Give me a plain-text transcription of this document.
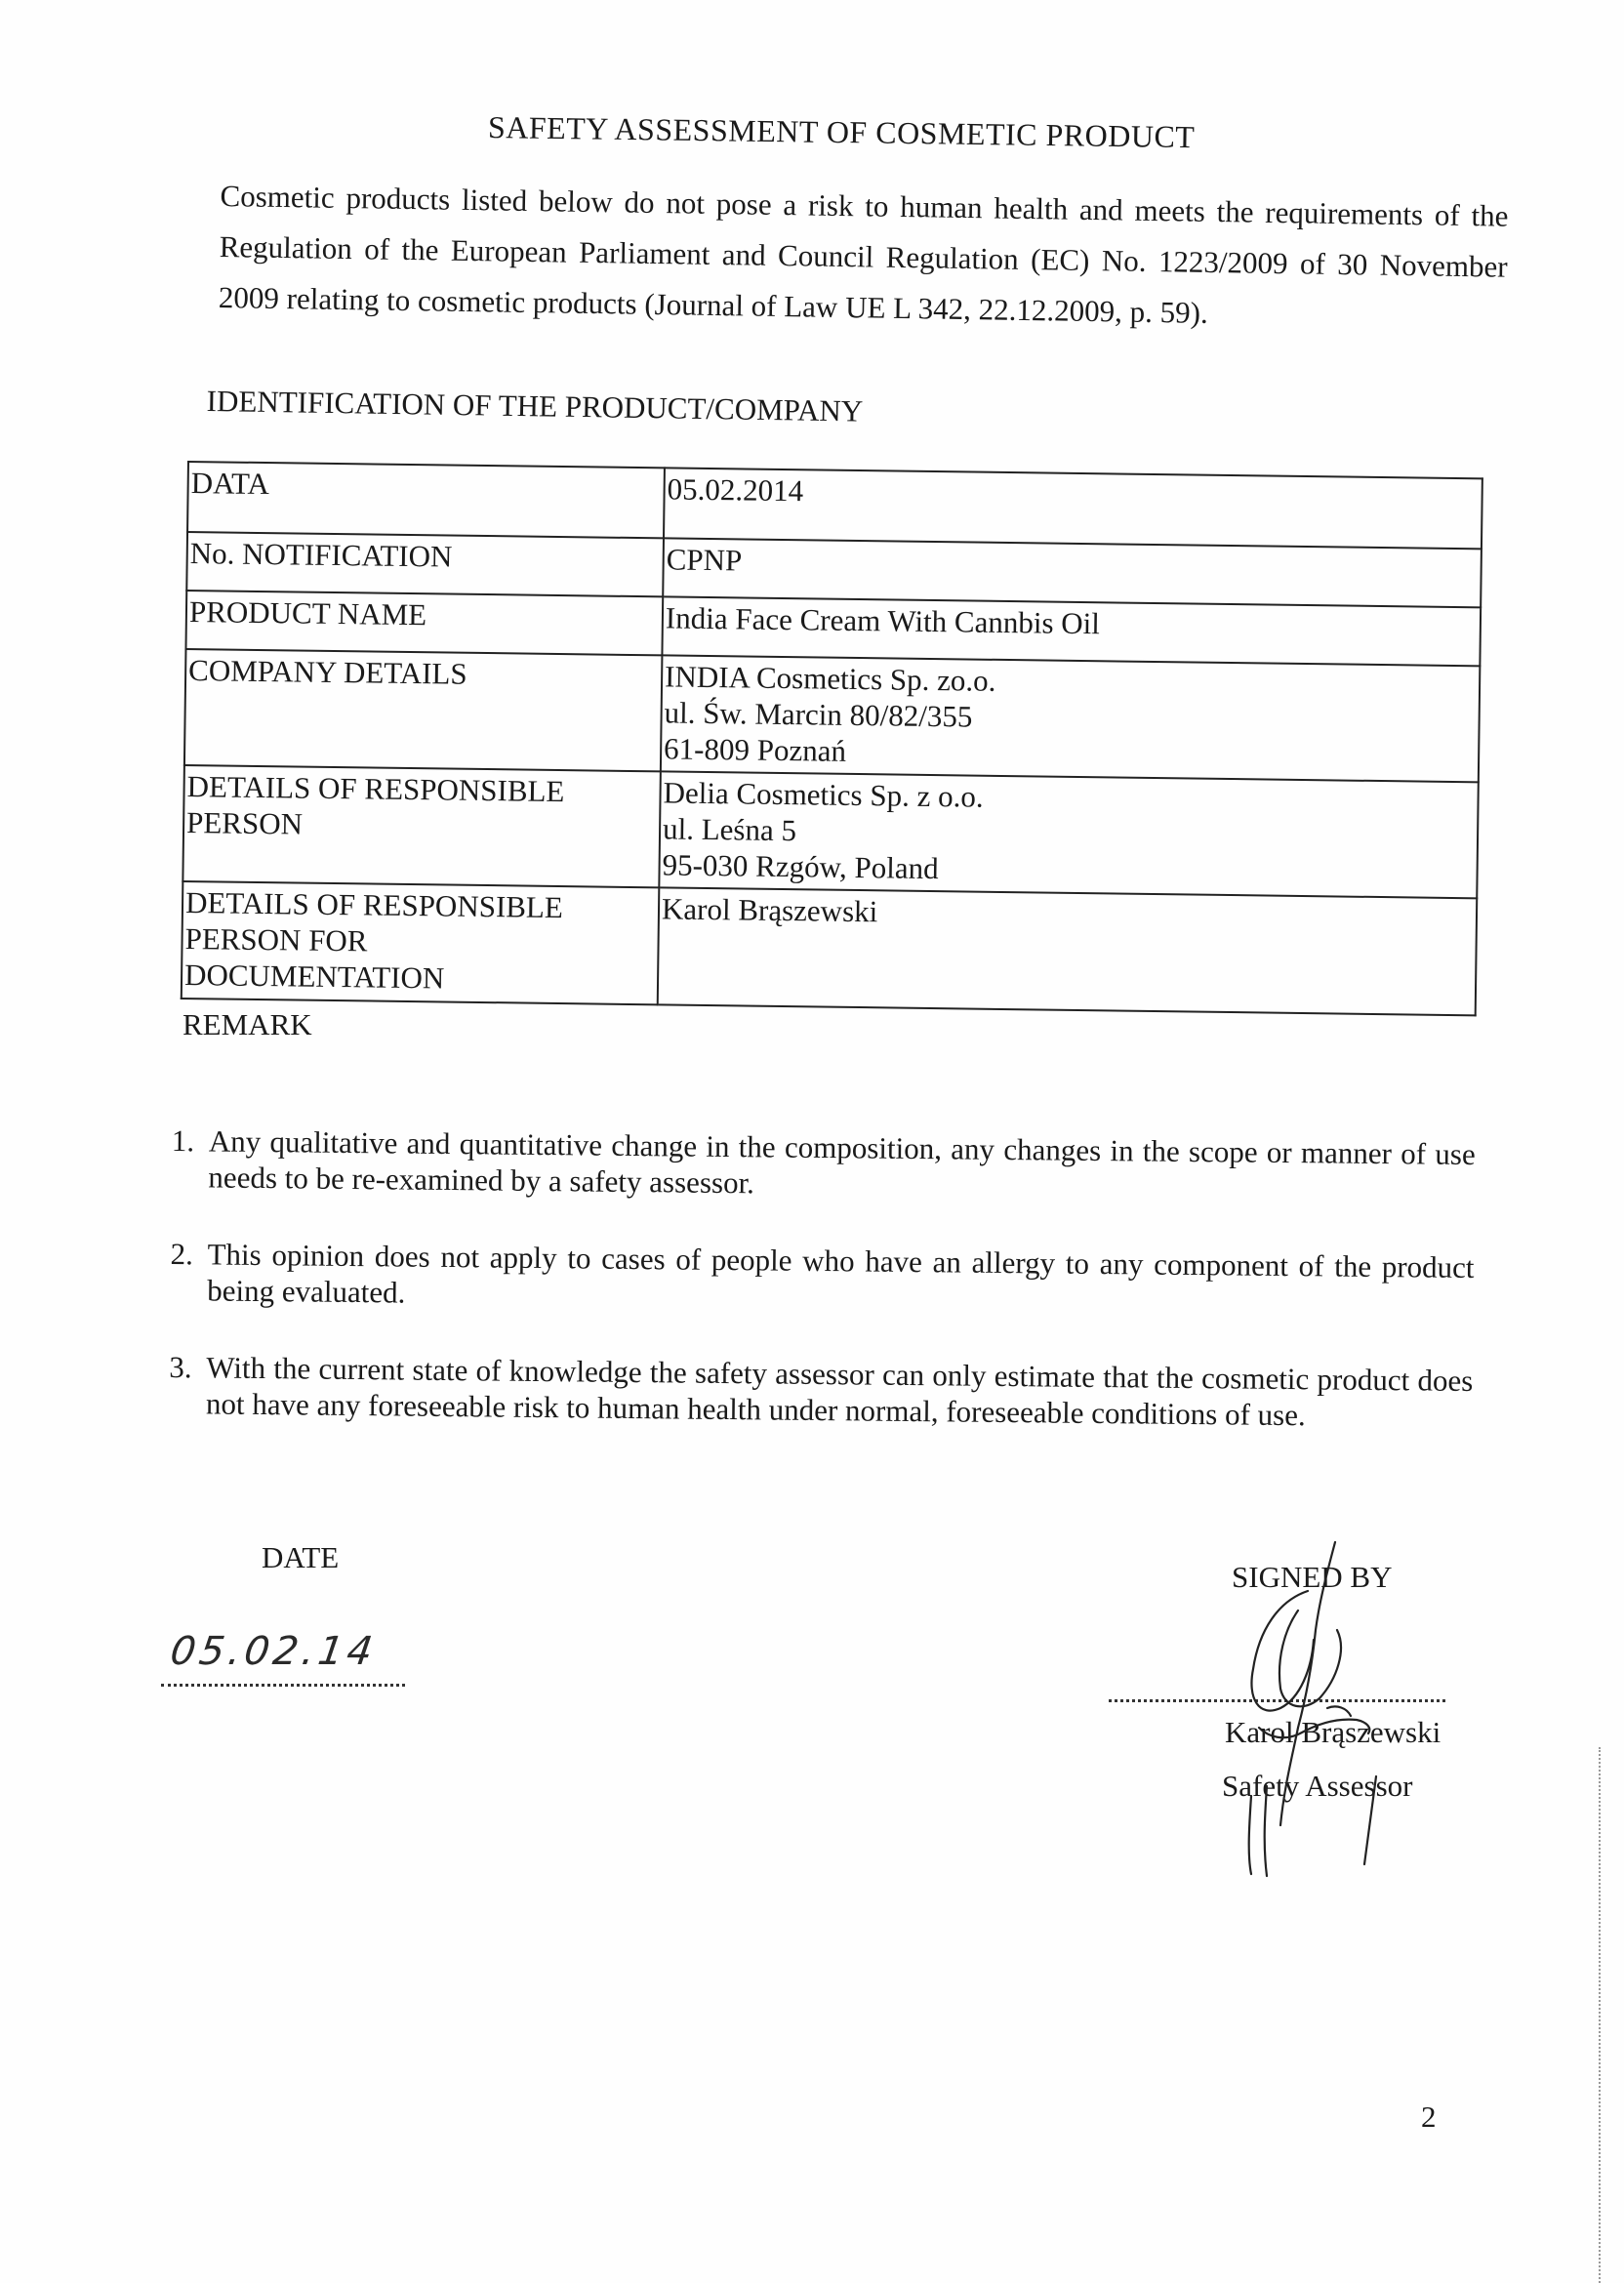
SAFETY ASSESSMENT OF COSMETIC PRODUCT
Cosmetic products listed below do not pose a risk to human health and meets the requirements of the Regulation of the European Parliament and Council Regulation (EC) No. 1223/2009 of 30 November 2009 relating to cosmetic products (Journal of Law UE L 342, 22.12.2009, p. 59).
IDENTIFICATION OF THE PRODUCT/COMPANY
DATA	05.02.2014

No. NOTIFICATION	CPNP

PRODUCT NAME	India Face Cream With Cannbis Oil

COMPANY DETAILS	INDIA Cosmetics Sp. zo.o.
ul. Św. Marcin 80/82/355
61-809 Poznań

DETAILS OF RESPONSIBLE
PERSON	Delia Cosmetics Sp. z o.o.
ul. Leśna 5
95-030 Rzgów, Poland

DETAILS OF RESPONSIBLE
PERSON FOR
DOCUMENTATION	Karol Brąszewski
REMARK
1. Any qualitative and quantitative change in the composition, any changes in the scope or manner of use needs to be re-examined by a safety assessor.
2. This opinion does not apply to cases of people who have an allergy to any component of the product being evaluated.
3. With the current state of knowledge the safety assessor can only estimate that the cosmetic product does not have any foreseeable risk to human health under normal, foreseeable conditions of use.
DATE
05.02.14
SIGNED BY
Karol Brąszewski
Safety Assessor
2
